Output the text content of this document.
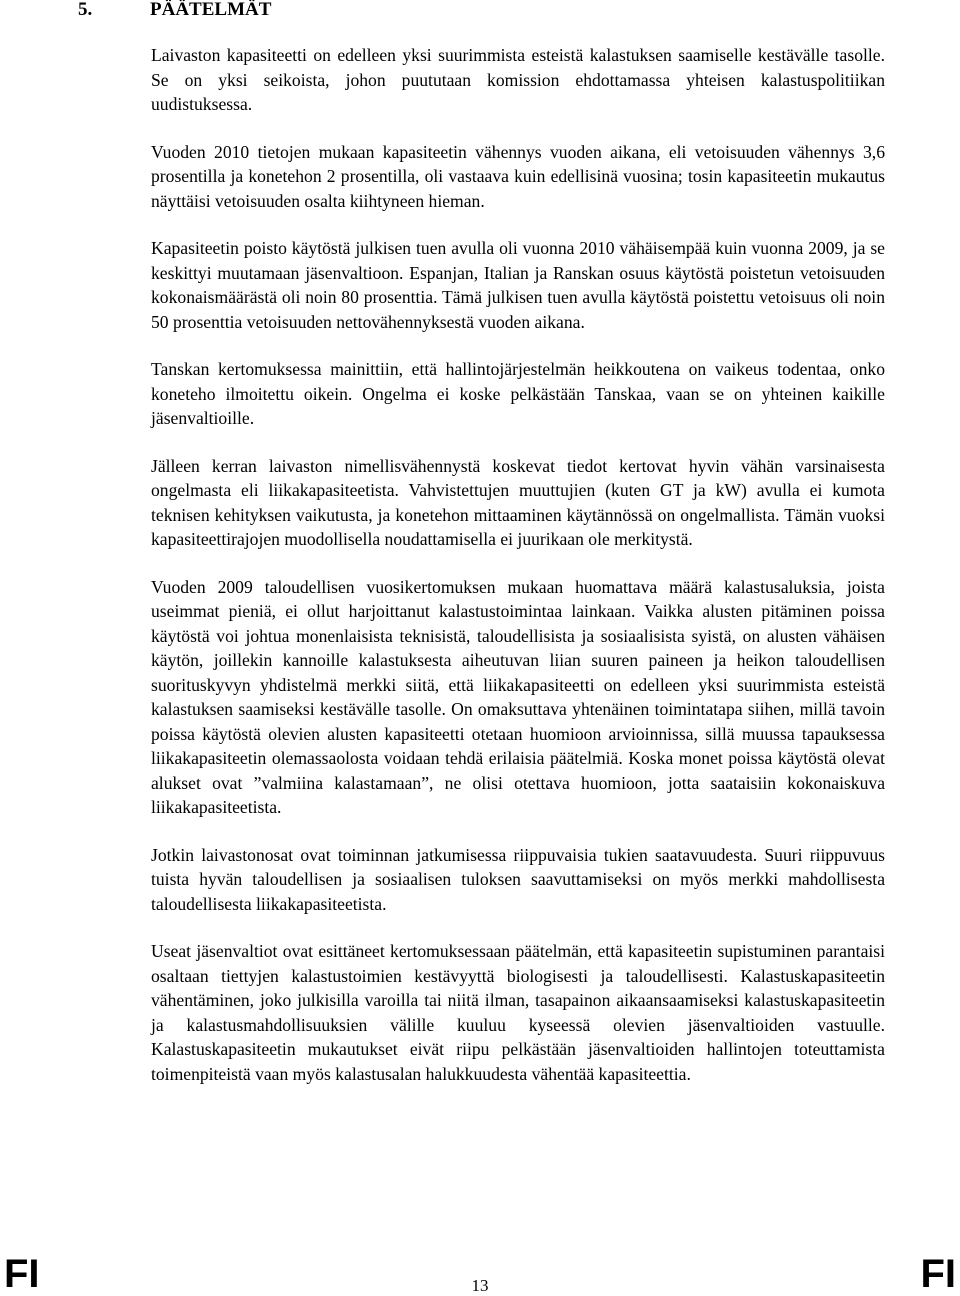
5.	PÄÄTELMÄT

Laivaston kapasiteetti on edelleen yksi suurimmista esteistä kalastuksen saamiselle kestävälle tasolle. Se on yksi seikoista, johon puututaan komission ehdottamassa yhteisen kalastuspolitiikan uudistuksessa.

Vuoden 2010 tietojen mukaan kapasiteetin vähennys vuoden aikana, eli vetoisuuden vähennys 3,6 prosentilla ja konetehon 2 prosentilla, oli vastaava kuin edellisinä vuosina; tosin kapasiteetin mukautus näyttäisi vetoisuuden osalta kiihtyneen hieman.

Kapasiteetin poisto käytöstä julkisen tuen avulla oli vuonna 2010 vähäisempää kuin vuonna 2009, ja se keskittyi muutamaan jäsenvaltioon. Espanjan, Italian ja Ranskan osuus käytöstä poistetun vetoisuuden kokonaismäärästä oli noin 80 prosenttia. Tämä julkisen tuen avulla käytöstä poistettu vetoisuus oli noin 50 prosenttia vetoisuuden nettovähennyksestä vuoden aikana.

Tanskan kertomuksessa mainittiin, että hallintojärjestelmän heikkoutena on vaikeus todentaa, onko koneteho ilmoitettu oikein. Ongelma ei koske pelkästään Tanskaa, vaan se on yhteinen kaikille jäsenvaltioille.

Jälleen kerran laivaston nimellisvähennystä koskevat tiedot kertovat hyvin vähän varsinaisesta ongelmasta eli liikakapasiteetista. Vahvistettujen muuttujien (kuten GT ja kW) avulla ei kumota teknisen kehityksen vaikutusta, ja konetehon mittaaminen käytännössä on ongelmallista. Tämän vuoksi kapasiteettirajojen muodollisella noudattamisella ei juurikaan ole merkitystä.

Vuoden 2009 taloudellisen vuosikertomuksen mukaan huomattava määrä kalastusaluksia, joista useimmat pieniä, ei ollut harjoittanut kalastustoimintaa lainkaan. Vaikka alusten pitäminen poissa käytöstä voi johtua monenlaisista teknisistä, taloudellisista ja sosiaalisista syistä, on alusten vähäisen käytön, joillekin kannoille kalastuksesta aiheutuvan liian suuren paineen ja heikon taloudellisen suorituskyvyn yhdistelmä merkki siitä, että liikakapasiteetti on edelleen yksi suurimmista esteistä kalastuksen saamiseksi kestävälle tasolle. On omaksuttava yhtenäinen toimintatapa siihen, millä tavoin poissa käytöstä olevien alusten kapasiteetti otetaan huomioon arvioinnissa, sillä muussa tapauksessa liikakapasiteetin olemassaolosta voidaan tehdä erilaisia päätelmiä. Koska monet poissa käytöstä olevat alukset ovat ”valmiina kalastamaan”, ne olisi otettava huomioon, jotta saataisiin kokonaiskuva liikakapasiteetista.

Jotkin laivastonosat ovat toiminnan jatkumisessa riippuvaisia tukien saatavuudesta. Suuri riippuvuus tuista hyvän taloudellisen ja sosiaalisen tuloksen saavuttamiseksi on myös merkki mahdollisesta taloudellisesta liikakapasiteetista.

Useat jäsenvaltiot ovat esittäneet kertomuksessaan päätelmän, että kapasiteetin supistuminen parantaisi osaltaan tiettyjen kalastustoimien kestävyyttä biologisesti ja taloudellisesti. Kalastuskapasiteetin vähentäminen, joko julkisilla varoilla tai niitä ilman, tasapainon aikaansaamiseksi kalastuskapasiteetin ja kalastusmahdollisuuksien välille kuuluu kyseessä olevien jäsenvaltioiden vastuulle. Kalastuskapasiteetin mukautukset eivät riipu pelkästään jäsenvaltioiden hallintojen toteuttamista toimenpiteistä vaan myös kalastusalan halukkuudesta vähentää kapasiteettia.

FI	13	FI
